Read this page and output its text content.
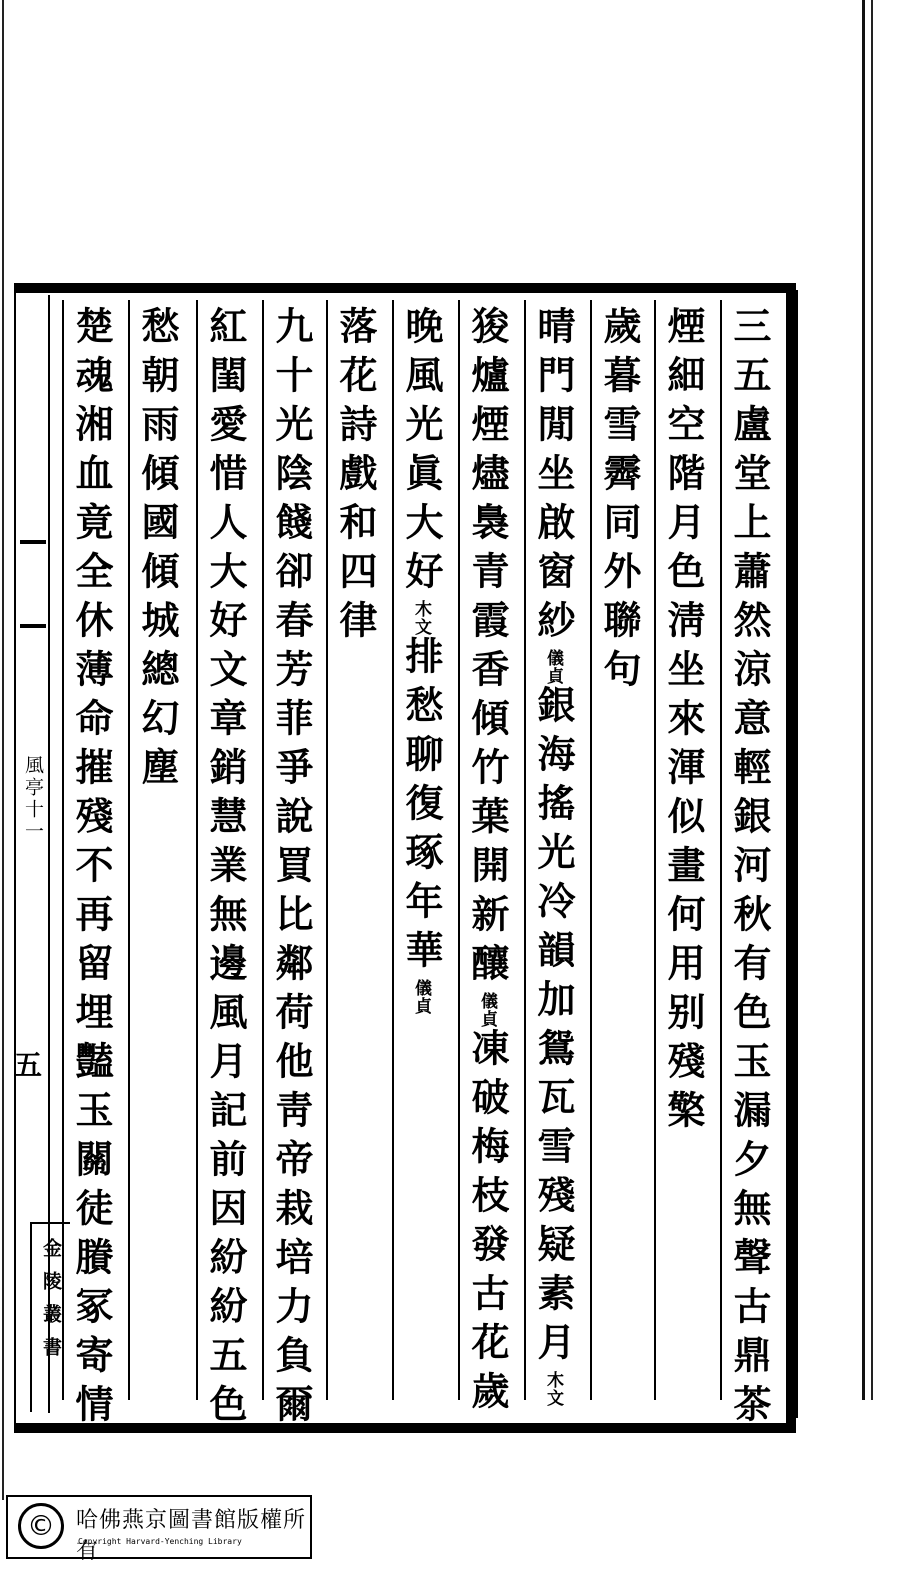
風亭十一
五
金陵叢書	三五盧堂上蕭然涼意輕銀河秋有色玉漏夕無聲古鼎茶
煙細空階月色淸坐來渾似畫何用别殘檠
歲暮雪霽同外聯句
晴門閒坐啟窗紗儀貞銀海搖光冷韻加鴛瓦雪殘疑素月木文
狻爐煙燼裊青霞香傾竹葉開新釀儀貞凍破梅枝發古花歲
晚風光眞大好木文排愁聊復琢年華儀貞
落花詩戲和四律
九十光陰餞卻春芳菲爭說買比鄰荷他靑帝栽培力負爾
紅閨愛惜人大好文章銷慧業無邊風月記前因紛紛五色
愁朝雨傾國傾城總幻塵
楚魂湘血竟全休薄命摧殘不再留埋豔玉關徒賸冢寄情
© 哈佛燕京圖書館版權所有
Copyright Harvard-Yenching Library
